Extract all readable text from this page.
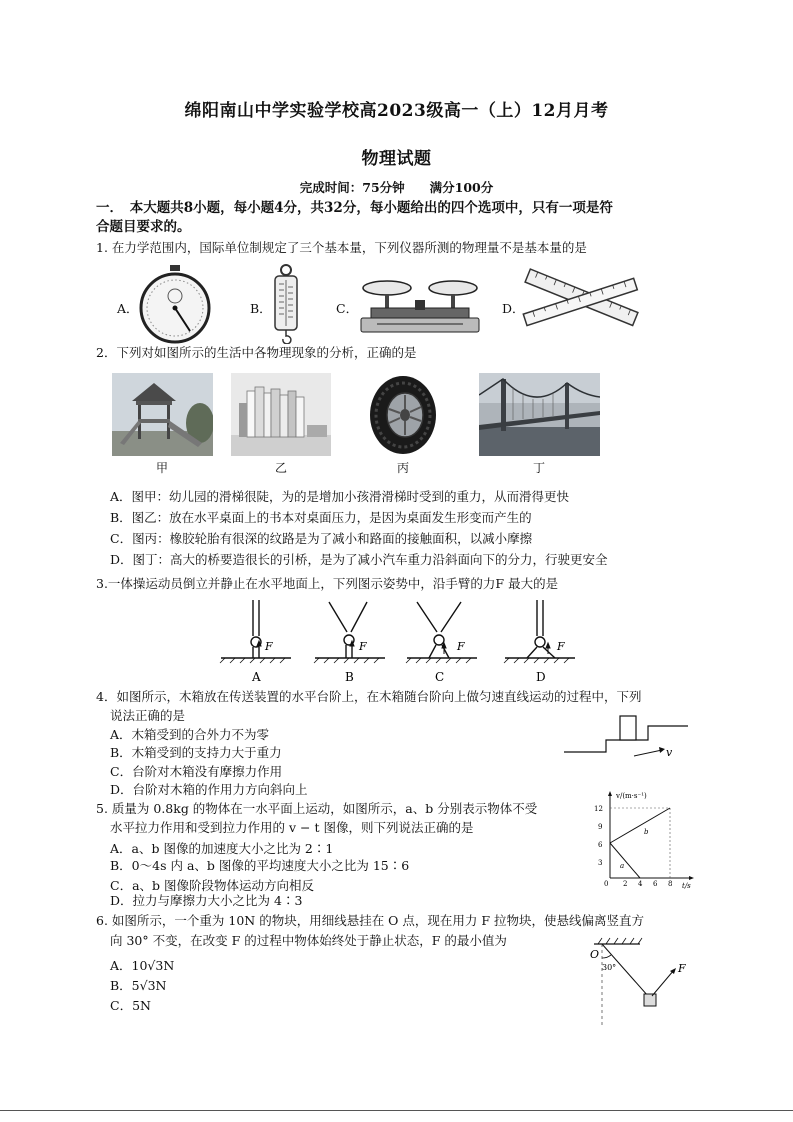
绵阳南山中学实验学校高2023级高一（上）12月月考
物理试题
完成时间：75分钟　　满分100分
一．　本大题共8小题，每小题4分，共32分，每小题给出的四个选项中，只有一项是符
合题目要求的。
1. 在力学范围内，国际单位制规定了三个基本量，下列仪器所测的物理量不是基本量的是
A．	B．	C．	D．
2．下列对如图所示的生活中各物理现象的分析，正确的是
甲	乙	丙	丁
A．图甲：幼儿园的滑梯很陡，为的是增加小孩滑滑梯时受到的重力，从而滑得更快
B．图乙：放在水平桌面上的书本对桌面压力，是因为桌面发生形变而产生的
C．图丙：橡胶轮胎有很深的纹路是为了减小和路面的接触面积，以减小摩擦
D．图丁：高大的桥要造很长的引桥，是为了减小汽车重力沿斜面向下的分力，行驶更安全
3.一体操运动员倒立并静止在水平地面上，下列图示姿势中，沿手臂的力F 最大的是
F	F	F	F
A	B	C	D
4．如图所示，木箱放在传送装置的水平台阶上，在木箱随台阶向上做匀速直线运动的过程中，下列
说法正确的是
A．木箱受到的合外力不为零
B．木箱受到的支持力大于重力
C．台阶对木箱没有摩擦力作用
D．台阶对木箱的作用力方向斜向上
v
5. 质量为 0.8kg 的物体在一水平面上运动，如图所示，a、b 分别表示物体不受
水平拉力作用和受到拉力作用的 v − t 图像，则下列说法正确的是
A．a、b 图像的加速度大小之比为 2∶1
B．0～4s 内 a、b 图像的平均速度大小之比为 15∶6
C．a、b 图像阶段物体运动方向相反
D．拉力与摩擦力大小之比为 4∶3
v/(m·s⁻¹)
t/s
12
9
6
3
0 2 4 6 8
b
a
6. 如图所示，一个重为 10N 的物块，用细线悬挂在 O 点，现在用力 F 拉物块，使悬线偏离竖直方
向 30° 不变，在改变 F 的过程中物体始终处于静止状态，F 的最小值为
A．10√3N
B．5√3N
C．5N
O
30°	F
